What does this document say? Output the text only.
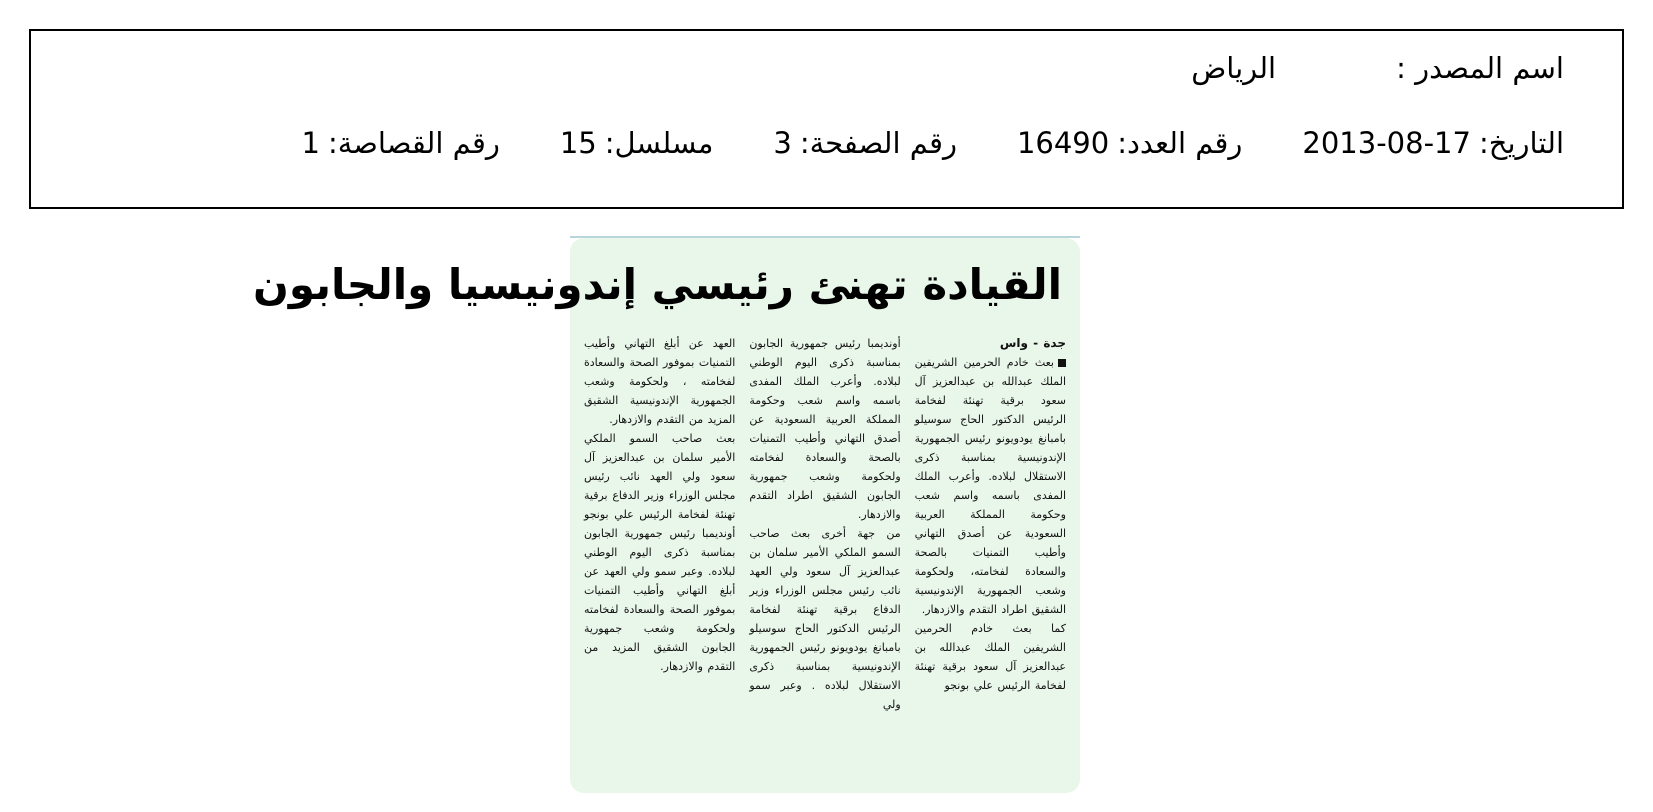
اسم المصدر :
الرياض
التاريخ:
2013-08-17
رقم العدد:
16490
رقم الصفحة:
3
مسلسل:
15
رقم القصاصة:
1
القيادة تهنئ رئيسي إندونيسيا والجابون

جدة - واس

بعث خادم الحرمين الشريفين الملك عبدالله بن عبدالعزيز آل سعود برقية تهنئة لفخامة الرئيس الدكتور الحاج سوسيلو بامبانغ يودويونو رئيس الجمهورية الإندونيسية بمناسبة ذكرى الاستقلال لبلاده. وأعرب الملك المفدى باسمه واسم شعب وحكومة المملكة العربية السعودية عن أصدق التهاني وأطيب التمنيات بالصحة والسعادة لفخامته، ولحكومة وشعب الجمهورية الإندونيسية الشقيق اطراد التقدم والازدهار.

كما بعث خادم الحرمين الشريفين الملك عبدالله بن عبدالعزيز آل سعود برقية تهنئة لفخامة الرئيس علي بونجو

أونديمبا رئيس جمهورية الجابون بمناسبة ذكرى اليوم الوطني لبلاده. وأعرب الملك المفدى باسمه واسم شعب وحكومة المملكة العربية السعودية عن أصدق التهاني وأطيب التمنيات بالصحة والسعادة لفخامته ولحكومة وشعب جمهورية الجابون الشقيق اطراد التقدم والازدهار.

من جهة أخرى بعث صاحب السمو الملكي الأمير سلمان بن عبدالعزيز آل سعود ولي العهد نائب رئيس مجلس الوزراء وزير الدفاع برقية تهنئة لفخامة الرئيس الدكتور الحاج سوسيلو بامبانغ يودويونو رئيس الجمهورية الإندونيسية بمناسبة ذكرى الاستقلال لبلاده . وعبر سمو ولي

العهد عن أبلغ التهاني وأطيب التمنيات بموفور الصحة والسعادة لفخامته ، ولحكومة وشعب الجمهورية الإندونيسية الشقيق المزيد من التقدم والازدهار.

بعث صاحب السمو الملكي الأمير سلمان بن عبدالعزيز آل سعود ولي العهد نائب رئيس مجلس الوزراء وزير الدفاع برقية تهنئة لفخامة الرئيس علي بونجو أونديمبا رئيس جمهورية الجابون بمناسبة ذكرى اليوم الوطني لبلاده. وعبر سمو ولي العهد عن أبلغ التهاني وأطيب التمنيات بموفور الصحة والسعادة لفخامته ولحكومة وشعب جمهورية الجابون الشقيق المزيد من التقدم والازدهار.
